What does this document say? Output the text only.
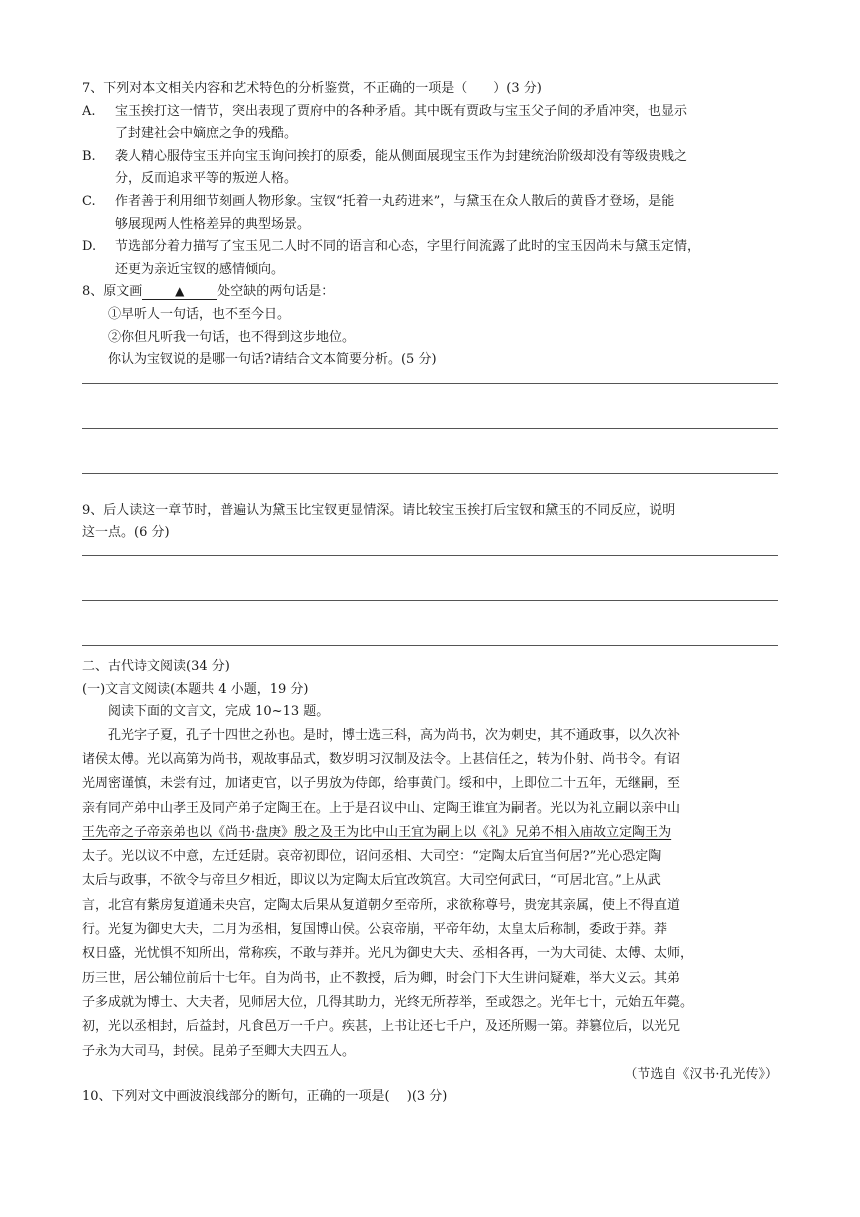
7、下列对本文相关内容和艺术特色的分析鉴赏，不正确的一项是（　　）(3 分)
A.	宝玉挨打这一情节，突出表现了贾府中的各种矛盾。其中既有贾政与宝玉父子间的矛盾冲突，也显示
了封建社会中嫡庶之争的残酷。
B.	袭人精心服侍宝玉并向宝玉询问挨打的原委，能从侧面展现宝玉作为封建统治阶级却没有等级贵贱之
分，反而追求平等的叛逆人格。
C.	作者善于利用细节刻画人物形象。宝钗“托着一丸药进来”，与黛玉在众人散后的黄昏才登场，是能
够展现两人性格差异的典型场景。
D.	节选部分着力描写了宝玉见二人时不同的语言和心态，字里行间流露了此时的宝玉因尚未与黛玉定情，
还更为亲近宝钗的感情倾向。
8、原文画	▲	处空缺的两句话是：
①早听人一句话，也不至今日。
②你但凡听我一句话，也不得到这步地位。
你认为宝钗说的是哪一句话?请结合文本简要分析。(5 分)
9、后人读这一章节时，普遍认为黛玉比宝钗更显情深。请比较宝玉挨打后宝钗和黛玉的不同反应，说明
这一点。(6 分)
二、古代诗文阅读(34 分)
(一)文言文阅读(本题共 4 小题，19 分)
阅读下面的文言文，完成 10~13 题。
孔光字子夏，孔子十四世之孙也。是时，博士选三科，高为尚书，次为刺史，其不通政事，以久次补
诸侯太傅。光以高第为尚书，观故事品式，数岁明习汉制及法令。上甚信任之，转为仆射、尚书令。有诏
光周密谨慎，未尝有过，加诸吏官，以子男放为侍郎，给事黄门。绥和中，上即位二十五年，无继嗣，至
亲有同产弟中山孝王及同产弟子定陶王在。上于是召议中山、定陶王谁宜为嗣者。光以为礼立嗣以亲中山
王先帝之子帝亲弟也以《尚书·盘庚》殷之及王为比中山王宜为嗣上以《礼》兄弟不相入庙故立定陶王为
太子。光以议不中意，左迁廷尉。哀帝初即位，诏问丞相、大司空：“定陶太后宜当何居?”光心恐定陶
太后与政事，不欲令与帝旦夕相近，即议以为定陶太后宜改筑宫。大司空何武曰，“可居北宫。”上从武
言，北宫有紫房复道通未央宫，定陶太后果从复道朝夕至帝所，求欲称尊号，贵宠其亲属，使上不得直道
行。光复为御史大夫，二月为丞相，复国博山侯。公哀帝崩，平帝年幼，太皇太后称制，委政于莽。莽
权日盛，光忧惧不知所出，常称疾，不敢与莽并。光凡为御史大夫、丞相各再，一为大司徒、太傅、太师，
历三世，居公辅位前后十七年。自为尚书，止不教授，后为卿，时会门下大生讲问疑难，举大义云。其弟
子多成就为博士、大夫者，见师居大位，几得其助力，光终无所荐举，至或怨之。光年七十，元始五年薨。
初，光以丞相封，后益封，凡食邑万一千户。疾甚，上书让还七千户，及还所赐一第。莽篡位后，以光兄
子永为大司马，封侯。昆弟子至卿大夫四五人。
（节选自《汉书·孔光传》）
10、下列对文中画波浪线部分的断句，正确的一项是(　 )(3 分)
